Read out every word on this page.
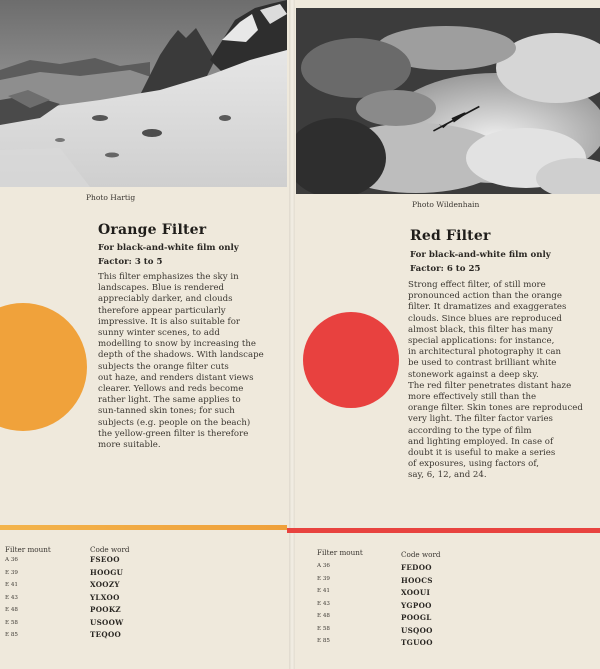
Photo Hartig
Photo Wildenhain
Orange Filter
For black-and-white film only
Factor: 3 to 5
This filter emphasizes the sky in
landscapes. Blue is rendered
appreciably darker, and clouds
therefore appear particularly
impressive. It is also suitable for
sunny winter scenes, to add
modelling to snow by increasing the
depth of the shadows. With landscape
subjects the orange filter cuts
out haze, and renders distant views
clearer. Yellows and reds become
rather light. The same applies to
sun-tanned skin tones; for such
subjects (e.g. people on the beach)
the yellow-green filter is therefore
more suitable.
Red Filter
For black-and-white film only
Factor: 6 to 25
Strong effect filter, of still more
pronounced action than the orange
filter. It dramatizes and exaggerates
clouds. Since blues are reproduced
almost black, this filter has many
special applications: for instance,
in architectural photography it can
be used to contrast brilliant white
stonework against a deep sky.
The red filter penetrates distant haze
more effectively still than the
orange filter. Skin tones are reproduced
very light. The filter factor varies
according to the type of film
and lighting employed. In case of
doubt it is useful to make a series
of exposures, using factors of,
say, 6, 12, and 24.
Filter mount	Code word
A 36
E 39
E 41
E 43
E 48
E 58
E 85
FSEOO
HOOGU
XOOZY
YLXOO
POOKZ
USOOW
TEQOO
Filter mount	Code word
A 36
E 39
E 41
E 43
E 48
E 58
E 85
FEDOO
HOOCS
XOOUI
YGPOO
POOGL
USQOO
TGUOO
